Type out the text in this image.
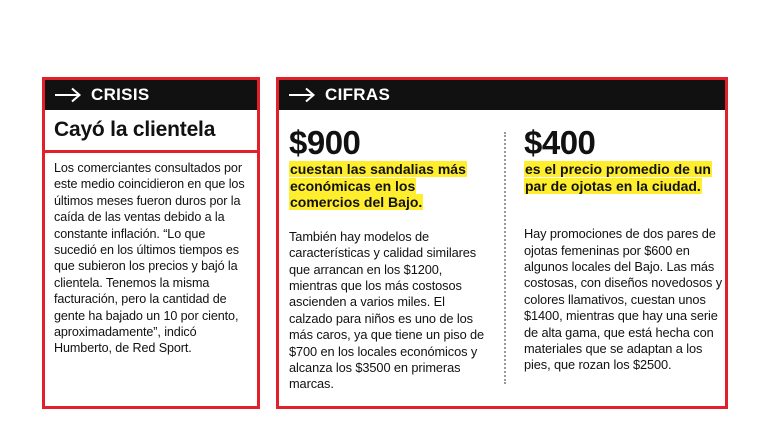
CRISIS
Cayó la clientela
Los comerciantes consultados por este medio coincidieron en que los últimos meses fueron duros por la caída de las ventas debido a la constante inflación. “Lo que sucedió en los últimos tiempos es que subieron los precios y bajó la clientela. Tenemos la misma facturación, pero la cantidad de gente ha bajado un 10 por ciento, aproximadamente”, indicó Humberto, de Red Sport.
CIFRAS
$900
cuestan las sandalias más económicas en los comercios del Bajo.
También hay modelos de características y calidad similares que arrancan en los $1200, mientras que los más costosos ascienden a varios miles. El calzado para niños es uno de los más caros, ya que tiene un piso de $700 en los locales económicos y alcanza los $3500 en primeras marcas.
$400
es el precio promedio de un par de ojotas en la ciudad.
Hay promociones de dos pares de ojotas femeninas por $600 en algunos locales del Bajo. Las más costosas, con diseños novedosos y colores llamativos, cuestan unos $1400, mientras que hay una serie de alta gama, que está hecha con materiales que se adaptan a los pies, que rozan los $2500.
